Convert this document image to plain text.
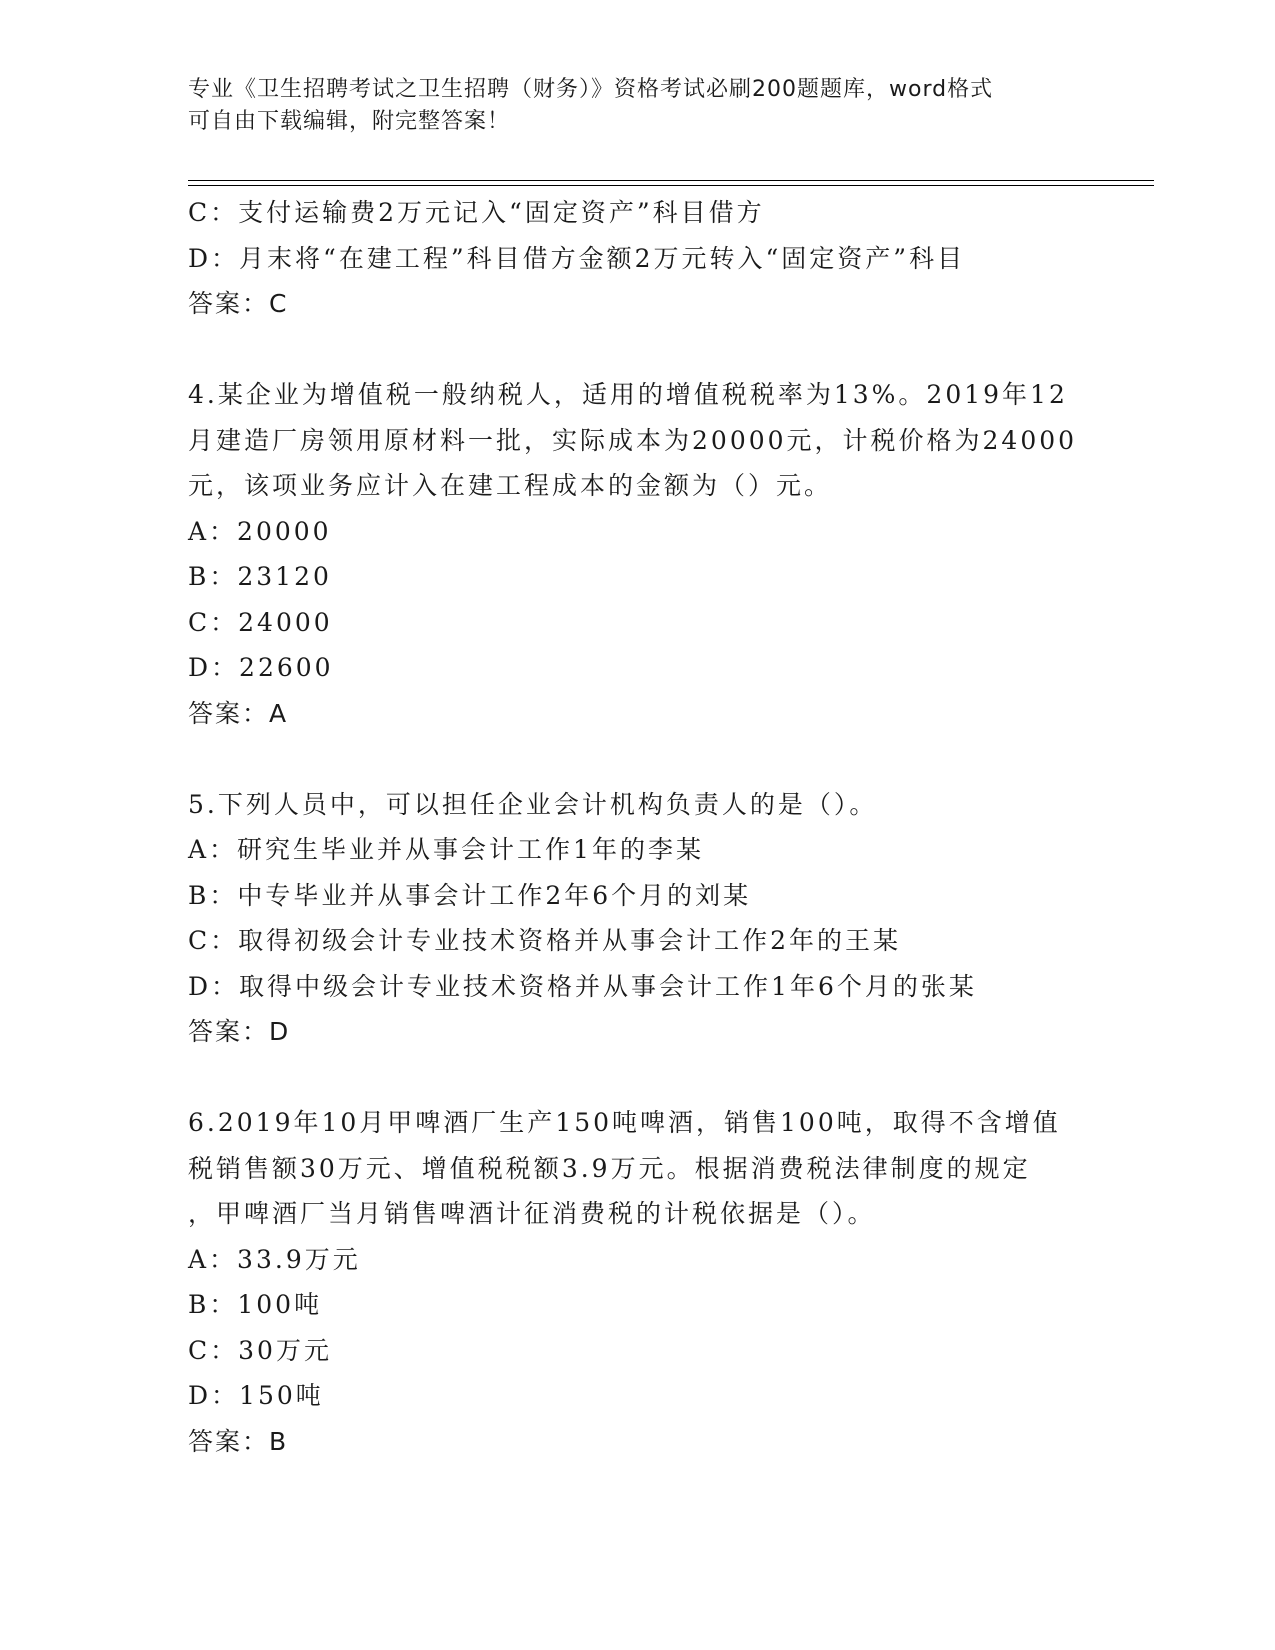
专业《卫生招聘考试之卫生招聘（财务）》资格考试必刷200题题库，word格式
可自由下载编辑，附完整答案！
C：支付运输费2万元记入“固定资产”科目借方
D：月末将“在建工程”科目借方金额2万元转入“固定资产”科目
答案：C
4.某企业为增值税一般纳税人，适用的增值税税率为13%。2019年12
月建造厂房领用原材料一批，实际成本为20000元，计税价格为24000
元，该项业务应计入在建工程成本的金额为（）元。
A：20000
B：23120
C：24000
D：22600
答案：A
5.下列人员中，可以担任企业会计机构负责人的是（）。
A：研究生毕业并从事会计工作1年的李某
B：中专毕业并从事会计工作2年6个月的刘某
C：取得初级会计专业技术资格并从事会计工作2年的王某
D：取得中级会计专业技术资格并从事会计工作1年6个月的张某
答案：D
6.2019年10月甲啤酒厂生产150吨啤酒，销售100吨，取得不含增值
税销售额30万元、增值税税额3.9万元。根据消费税法律制度的规定
，甲啤酒厂当月销售啤酒计征消费税的计税依据是（）。
A：33.9万元
B：100吨
C：30万元
D：150吨
答案：B
